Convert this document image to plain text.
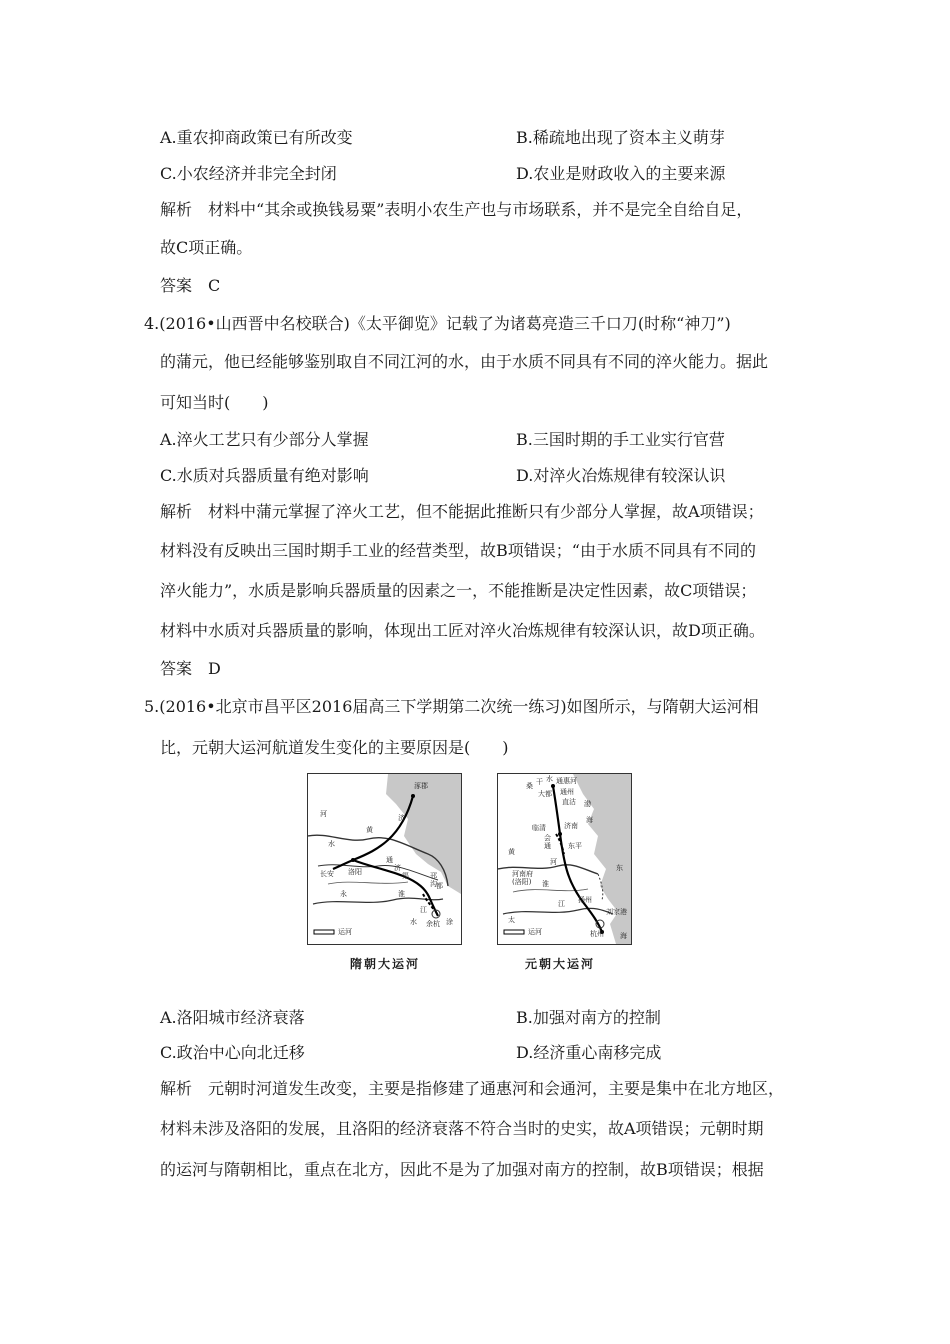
A.重农抑商政策已有所改变	B.稀疏地出现了资本主义萌芽
C.小农经济并非完全封闭	D.农业是财政收入的主要来源
解析 材料中“其余或换钱易粟”表明小农生产也与市场联系，并不是完全自给自足，
故C项正确。
答案 C
4.(2016•山西晋中名校联合)《太平御览》记载了为诸葛亮造三千口刀(时称“神刀”)
的蒲元，他已经能够鉴别取自不同江河的水，由于水质不同具有不同的淬火能力。据此
可知当时(　　)
A.淬火工艺只有少部分人掌握	B.三国时期的手工业实行官营
C.水质对兵器质量有绝对影响	D.对淬火冶炼规律有较深认识
解析 材料中蒲元掌握了淬火工艺，但不能据此推断只有少部分人掌握，故A项错误；
材料没有反映出三国时期手工业的经营类型，故B项错误；“由于水质不同具有不同的
淬火能力”，水质是影响兵器质量的因素之一，不能推断是决定性因素，故C项错误；
材料中水质对兵器质量的影响，体现出工匠对淬火冶炼规律有较深认识，故D项正确。
答案 D
5.(2016•北京市昌平区2016届高三下学期第二次统一练习)如图所示，与隋朝大运河相
比，元朝大运河航道发生变化的主要原因是(　　)
涿郡
河
水
济
黄
长安 洛阳
通
济
渠
淮
永
江
余杭
都
水
邗
沟
涂
运河
隋朝大运河
桑 干 水 通惠河
大都 通州
直沽 渤
海
临清	济南
会
通 东平
河
黄
河南府
(洛阳) 淮
江 扬州
刘家港
杭州
东
海
太
运河
元朝大运河
A.洛阳城市经济衰落	B.加强对南方的控制
C.政治中心向北迁移	D.经济重心南移完成
解析 元朝时河道发生改变，主要是指修建了通惠河和会通河，主要是集中在北方地区，
材料未涉及洛阳的发展，且洛阳的经济衰落不符合当时的史实，故A项错误；元朝时期
的运河与隋朝相比，重点在北方，因此不是为了加强对南方的控制，故B项错误；根据
